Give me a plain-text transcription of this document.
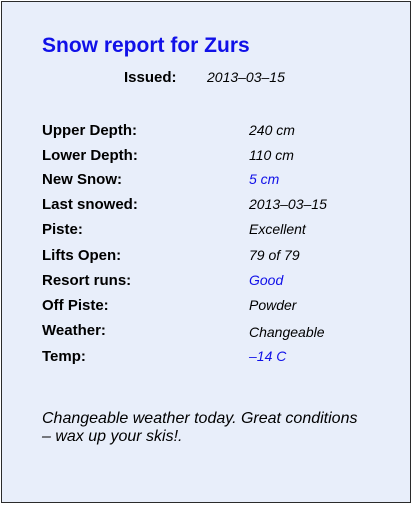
Snow report for Zurs
Issued: 2013–03–15
Upper Depth:	240 cm
Lower Depth:	110 cm
New Snow:	5 cm
Last snowed:	2013–03–15
Piste:	Excellent
Lifts Open:	79 of 79
Resort runs:	Good
Off Piste:	Powder
Weather:	Changeable
Temp:	–14 C
Changeable weather today. Great conditions – wax up your skis!.
